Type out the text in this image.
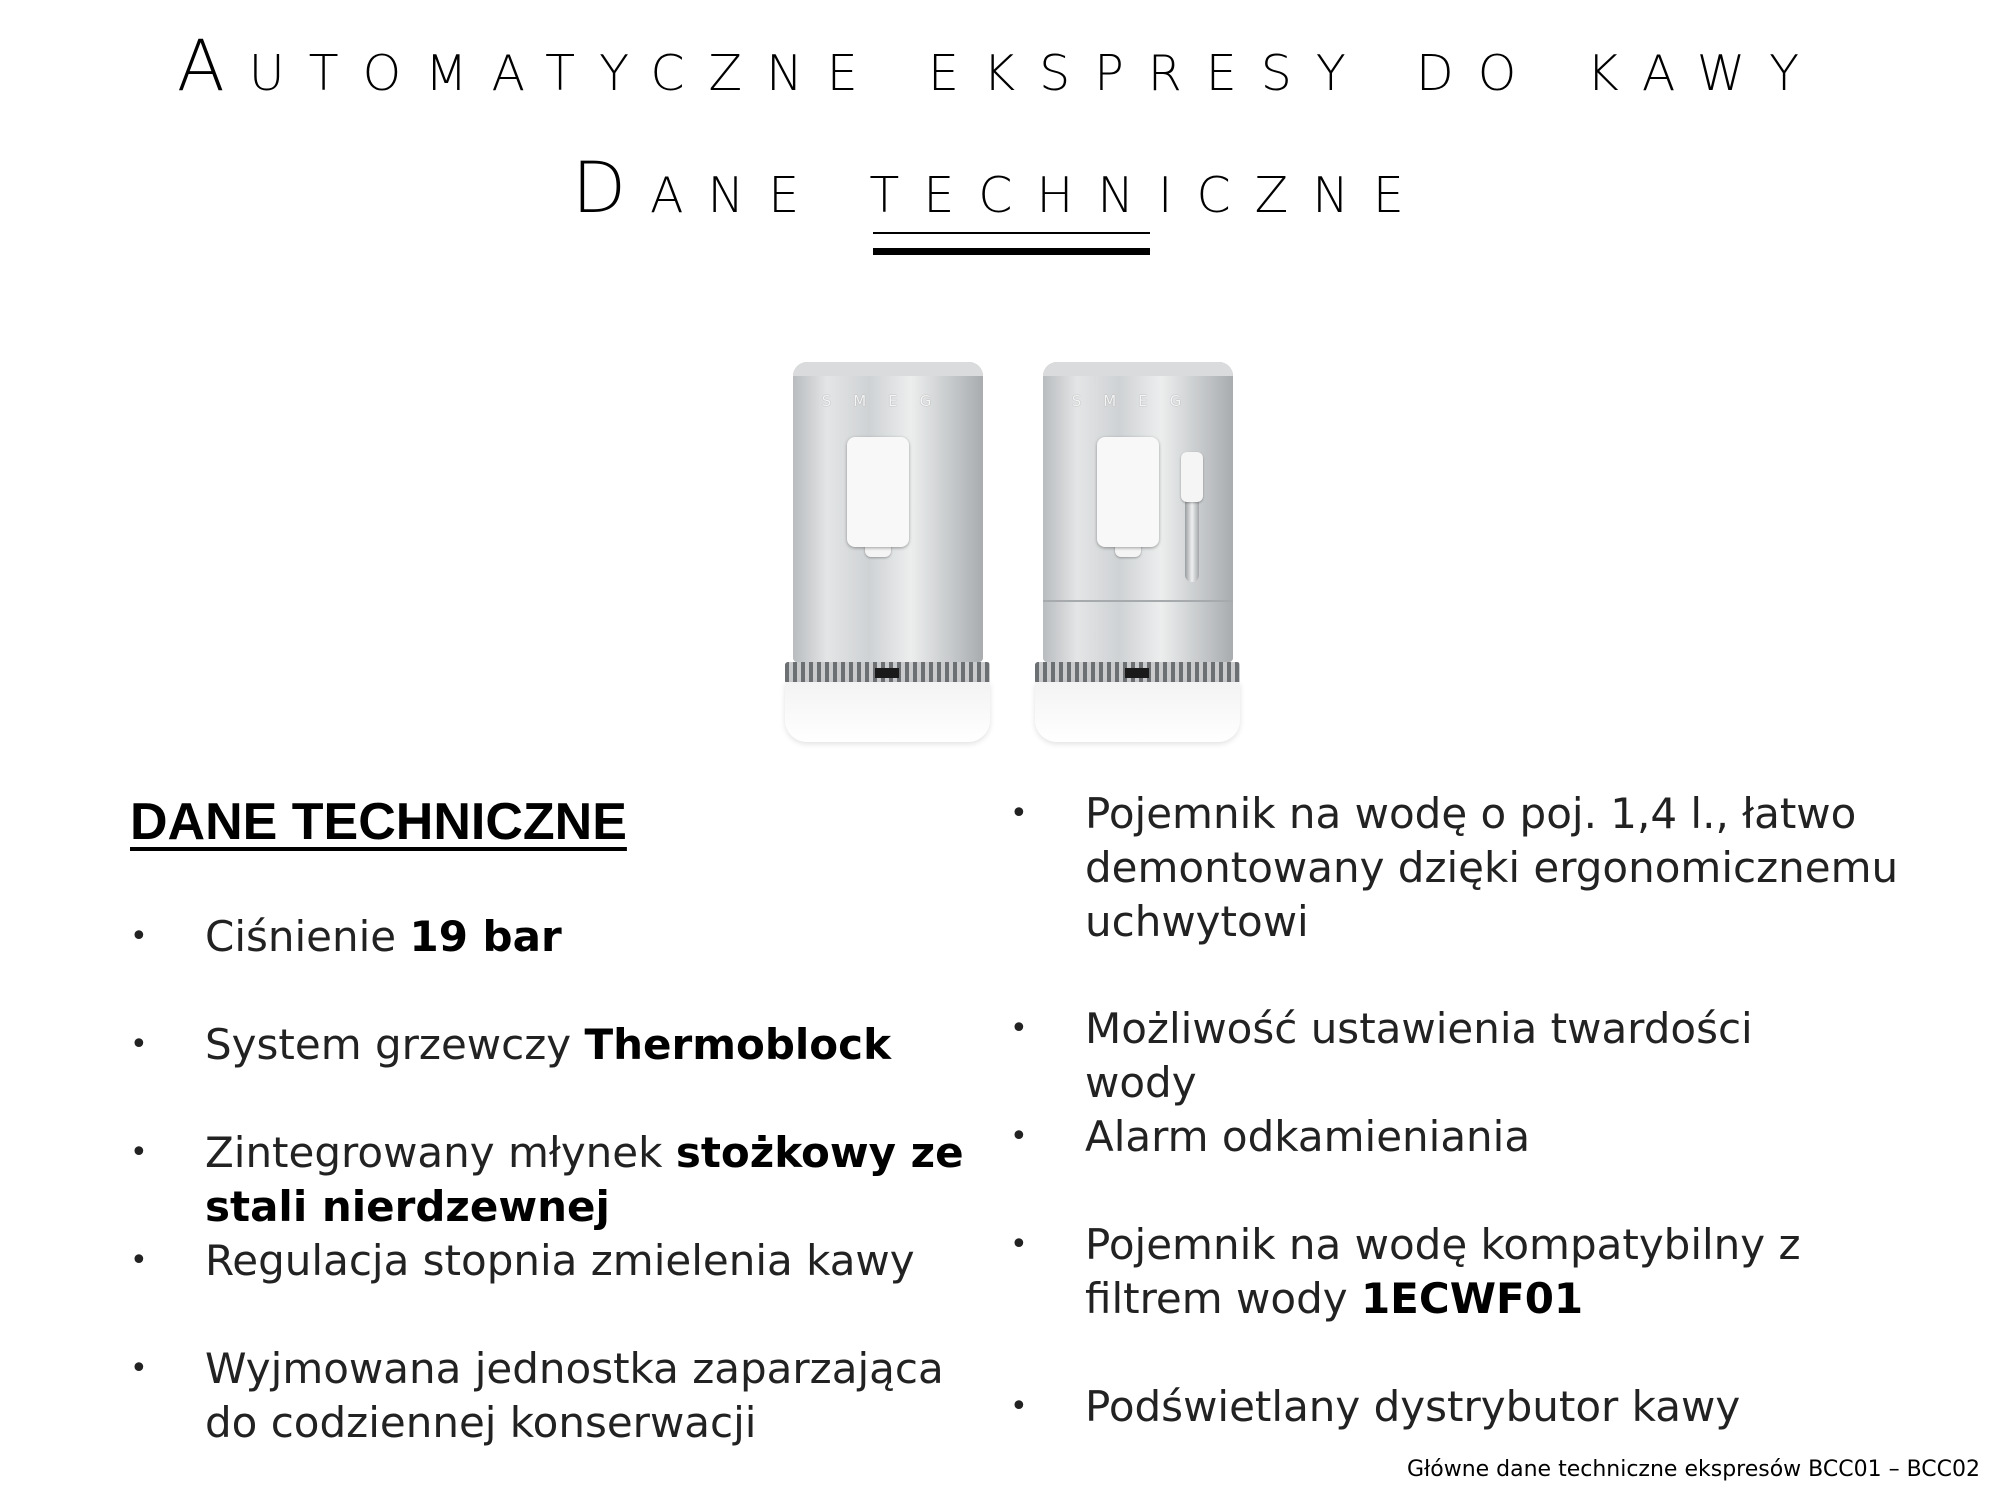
Automatyczne ekspresy do kawy
Dane techniczne
SMEG	SMEG
DANE TECHNICZNE
• Ciśnienie 19 bar
• System grzewczy Thermoblock
• Zintegrowany młynek stożkowy ze stali nierdzewnej
• Regulacja stopnia zmielenia kawy
• Wyjmowana jednostka zaparzająca do codziennej konserwacji
• Pojemnik na wodę o poj. 1,4 l., łatwo demontowany dzięki ergonomicznemu uchwytowi
• Możliwość ustawienia twardości wody
• Alarm odkamieniania
• Pojemnik na wodę kompatybilny z filtrem wody 1ECWF01
• Podświetlany dystrybutor kawy
Główne dane techniczne ekspresów BCC01 – BCC02
